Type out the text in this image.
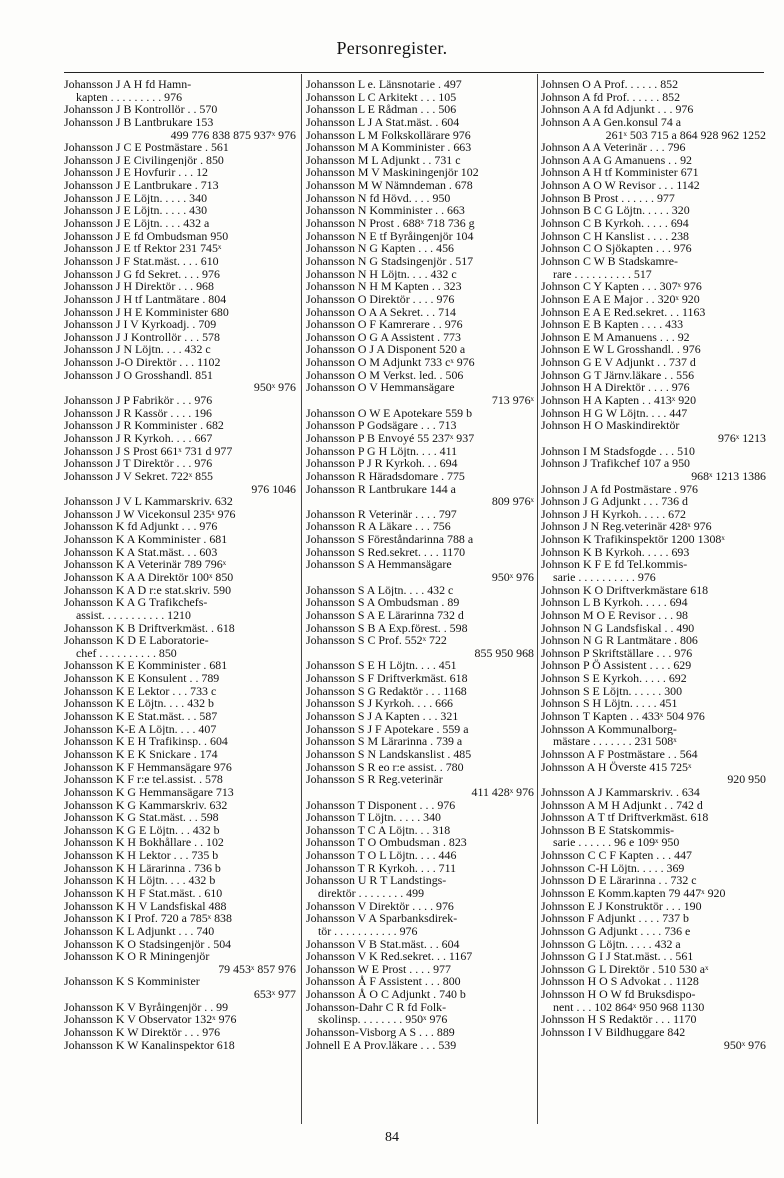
Personregister.
Johansson J A H fd Hamn-
kapten . . . . . . . . . 976
Johansson J B Kontrollör . . 570
Johansson J B Lantbrukare 153
499 776 838 875 937ˣ 976
Johansson J C E Postmästare . 561
Johansson J E Civilingenjör . 850
Johansson J E Hovfurir . . . 12
Johansson J E Lantbrukare . 713
Johansson J E Löjtn. . . . . 340
Johansson J E Löjtn. . . . . 430
Johansson J E Löjtn. . . . 432 a
Johansson J E fd Ombudsman 950
Johansson J E tf Rektor 231 745ˣ
Johansson J F Stat.mäst. . . . 610
Johansson J G fd Sekret. . . . 976
Johansson J H Direktör . . . 968
Johansson J H tf Lantmätare . 804
Johansson J H E Komminister 680
Johansson J I V Kyrkoadj. . 709
Johansson J J Kontrollör . . . 578
Johansson J N Löjtn. . . . 432 c
Johansson J-O Direktör . . . 1102
Johansson J O Grosshandl. 851
950ˣ 976
Johansson J P Fabrikör . . . 976
Johansson J R Kassör . . . . 196
Johansson J R Komminister . 682
Johansson J R Kyrkoh. . . . 667
Johansson J S Prost 661ˣ 731 d 977
Johansson J T Direktör . . . 976
Johansson J V Sekret. 722ˣ 855
976 1046
Johansson J V L Kammarskriv. 632
Johansson J W Vicekonsul 235ˣ 976
Johansson K fd Adjunkt . . . 976
Johansson K A Komminister . 681
Johansson K A Stat.mäst. . . 603
Johansson K A Veterinär 789 796ˣ
Johansson K A A Direktör 100ˣ 850
Johansson K A D r:e stat.skriv. 590
Johansson K A G Trafikchefs-
assist. . . . . . . . . . . 1210
Johansson K B Driftverkmäst. . 618
Johansson K D E Laboratorie-
chef . . . . . . . . . . 850
Johansson K E Komminister . 681
Johansson K E Konsulent . . 789
Johansson K E Lektor . . . 733 c
Johansson K E Löjtn. . . . 432 b
Johansson K E Stat.mäst. . . 587
Johansson K-E A Löjtn. . . . 407
Johansson K E H Trafikinsp. . 604
Johansson K E K Snickare . 174
Johansson K F Hemmansägare 976
Johansson K F r:e tel.assist. . 578
Johansson K G Hemmansägare 713
Johansson K G Kammarskriv. 632
Johansson K G Stat.mäst. . . 598
Johansson K G E Löjtn. . . 432 b
Johansson K H Bokhållare . . 102
Johansson K H Lektor . . . 735 b
Johansson K H Lärarinna . 736 b
Johansson K H Löjtn. . . . 432 b
Johansson K H F Stat.mäst. . 610
Johansson K H V Landsfiskal 488
Johansson K I Prof. 720 a 785ˣ 838
Johansson K L Adjunkt . . . 740
Johansson K O Stadsingenjör . 504
Johansson K O R Miningenjör
79 453ˣ 857 976
Johansson K S Komminister
653ˣ 977
Johansson K V Byråingenjör . . 99
Johansson K V Observator 132ˣ 976
Johansson K W Direktör . . . 976
Johansson K W Kanalinspektor 618
Johansson L e. Länsnotarie . 497
Johansson L C Arkitekt . . . 105
Johansson L E Rådman . . . 506
Johansson L J A Stat.mäst. . 604
Johansson L M Folkskollärare 976
Johansson M A Komminister . 663
Johansson M L Adjunkt . . 731 c
Johansson M V Maskiningenjör 102
Johansson M W Nämndeman . 678
Johansson N fd Hövd. . . . 950
Johansson N Komminister . . 663
Johansson N Prost . 688ˣ 718 736 g
Johansson N E tf Byråingenjör 104
Johansson N G Kapten . . . 456
Johansson N G Stadsingenjör . 517
Johansson N H Löjtn. . . . 432 c
Johansson N H M Kapten . . 323
Johansson O Direktör . . . . 976
Johansson O A A Sekret. . . 714
Johansson O F Kamrerare . . 976
Johansson O G A Assistent . 773
Johansson O J A Disponent 520 a
Johansson O M Adjunkt 733 cˣ 976
Johansson O M Verkst. led. . 506
Johansson O V Hemmansägare
713 976ˣ
Johansson O W E Apotekare 559 b
Johansson P Godsägare . . . 713
Johansson P B Envoyé 55 237ˣ 937
Johansson P G H Löjtn. . . . 411
Johansson P J R Kyrkoh. . . 694
Johansson R Häradsdomare . 775
Johansson R Lantbrukare 144 a
809 976ˣ
Johansson R Veterinär . . . . 797
Johansson R A Läkare . . . 756
Johansson S Föreståndarinna 788 a
Johansson S Red.sekret. . . . 1170
Johansson S A Hemmansägare
950ˣ 976
Johansson S A Löjtn. . . . 432 c
Johansson S A Ombudsman . 89
Johansson S A E Lärarinna 732 d
Johansson S B A Exp.förest. . 598
Johansson S C Prof. 552ˣ 722
855 950 968
Johansson S E H Löjtn. . . . 451
Johansson S F Driftverkmäst. 618
Johansson S G Redaktör . . . 1168
Johansson S J Kyrkoh. . . . 666
Johansson S J A Kapten . . . 321
Johansson S J F Apotekare . 559 a
Johansson S M Lärarinna . 739 a
Johansson S N Landskanslist . 485
Johansson S R eo r:e assist. . 780
Johansson S R Reg.veterinär
411 428ˣ 976
Johansson T Disponent . . . 976
Johansson T Löjtn. . . . . 340
Johansson T C A Löjtn. . . 318
Johansson T O Ombudsman . 823
Johansson T O L Löjtn. . . . 446
Johansson T R Kyrkoh. . . . 711
Johansson U R T Landstings-
direktör . . . . . . . . 499
Johansson V Direktör . . . . 976
Johansson V A Sparbanksdirek-
tör . . . . . . . . . . . 976
Johansson V B Stat.mäst. . . 604
Johansson V K Red.sekret. . . 1167
Johansson W E Prost . . . . 977
Johansson Å F Assistent . . . 800
Johansson Å O C Adjunkt . 740 b
Johansson-Dahr C R fd Folk-
skolinsp. . . . . . . . 950ˣ 976
Johansson-Visborg A S . . . 889
Johnell E A Prov.läkare . . . 539
Johnsen O A Prof. . . . . . 852
Johnson A fd Prof. . . . . . 852
Johnson A A fd Adjunkt . . . 976
Johnson A A Gen.konsul 74 a
261ˣ 503 715 a 864 928 962 1252
Johnson A A Veterinär . . . 796
Johnson A A G Amanuens . . 92
Johnson A H tf Komminister 671
Johnson A O W Revisor . . . 1142
Johnson B Prost . . . . . . 977
Johnson B C G Löjtn. . . . . 320
Johnson C B Kyrkoh. . . . . 694
Johnson C H Kanslist . . . . 238
Johnson C O Sjökapten . . . 976
Johnson C W B Stadskamre-
rare . . . . . . . . . . 517
Johnson C Y Kapten . . . 307ˣ 976
Johnson E A E Major . . 320ˣ 920
Johnson E A E Red.sekret. . . 1163
Johnson E B Kapten . . . . 433
Johnson E M Amanuens . . . 92
Johnson E W L Grosshandl. . 976
Johnson G E V Adjunkt . . 737 d
Johnson G T Järnv.läkare . . 556
Johnson H A Direktör . . . . 976
Johnson H A Kapten . . 413ˣ 920
Johnson H G W Löjtn. . . . 447
Johnson H O Maskindirektör
976ˣ 1213
Johnson I M Stadsfogde . . . 510
Johnson J Trafikchef 107 a 950
968ˣ 1213 1386
Johnson J A fd Postmästare . 976
Johnson J G Adjunkt . . . 736 d
Johnson J H Kyrkoh. . . . . 672
Johnson J N Reg.veterinär 428ˣ 976
Johnson K Trafikinspektör 1200 1308ˣ
Johnson K B Kyrkoh. . . . . 693
Johnson K F E fd Tel.kommis-
sarie . . . . . . . . . . 976
Johnson K O Driftverkmästare 618
Johnson L B Kyrkoh. . . . . 694
Johnson M O E Revisor . . . 98
Johnson N G Landsfiskal . . 490
Johnson N G R Lantmätare . 806
Johnson P Skriftställare . . . 976
Johnson P Ö Assistent . . . . 629
Johnson S E Kyrkoh. . . . . 692
Johnson S E Löjtn. . . . . . 300
Johnson S H Löjtn. . . . . 451
Johnson T Kapten . . 433ˣ 504 976
Johnsson A Kommunalborg-
mästare . . . . . . . 231 508ˣ
Johnsson A F Postmästare . . 564
Johnsson A H Överste 415 725ˣ
920 950
Johnsson A J Kammarskriv. . 634
Johnsson A M H Adjunkt . . 742 d
Johnsson A T tf Driftverkmäst. 618
Johnsson B E Statskommis-
sarie . . . . . . 96 e 109ˣ 950
Johnsson C C F Kapten . . . 447
Johnsson C-H Löjtn. . . . . 369
Johnsson D E Lärarinna . . 732 c
Johnsson E Komm.kapten 79 447ˣ 920
Johnsson E J Konstruktör . . . 190
Johnsson F Adjunkt . . . . 737 b
Johnsson G Adjunkt . . . . 736 e
Johnsson G Löjtn. . . . . 432 a
Johnsson G I J Stat.mäst. . . 561
Johnsson G L Direktör . 510 530 aˣ
Johnsson H O S Advokat . . 1128
Johnsson H O W fd Bruksdispo-
nent . . . 102 864ˣ 950 968 1130
Johnsson H S Redaktör . . . 1170
Johnsson I V Bildhuggare 842
950ˣ 976
84
